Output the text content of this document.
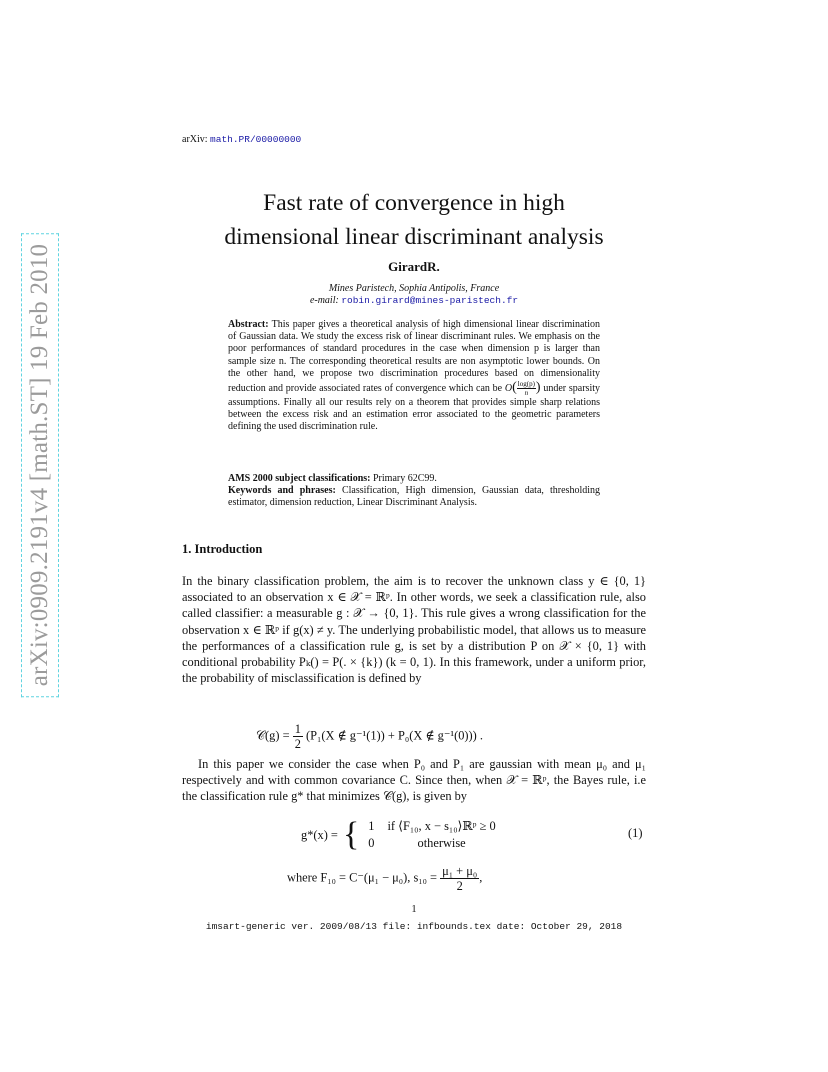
arXiv:0909.2191v4 [math.ST] 19 Feb 2010
arXiv: math.PR/00000000
Fast rate of convergence in high
dimensional linear discriminant analysis
GirardR.
Mines Paristech, Sophia Antipolis, France
e-mail: robin.girard@mines-paristech.fr
Abstract: This paper gives a theoretical analysis of high dimensional linear discrimination of Gaussian data. We study the excess risk of linear discriminant rules. We emphasis on the poor performances of standard procedures in the case when dimension p is larger than sample size n. The corresponding theoretical results are non asymptotic lower bounds. On the other hand, we propose two discrimination procedures based on dimensionality reduction and provide associated rates of convergence which can be $O( \frac{\log(p)}{n}$ ) under sparsity assumptions. Finally all our results rely on a theorem that provides simple sharp relations between the excess risk and an estimation error associated to the geometric parameters defining the used discrimination rule.
AMS 2000 subject classifications: Primary 62C99.
Keywords and phrases: Classification, High dimension, Gaussian data, thresholding estimator, dimension reduction, Linear Discriminant Analysis.
1. Introduction
In the binary classification problem, the aim is to recover the unknown class y ∈ {0, 1} associated to an observation x ∈ 𝒳 = ℝᵖ. In other words, we seek a classification rule, also called classifier: a measurable g : 𝒳 → {0, 1}. This rule gives a wrong classification for the observation x ∈ ℝᵖ if g(x) ≠ y. The underlying probabilistic model, that allows us to measure the performances of a classification rule g, is set by a distribution P on 𝒳 × {0, 1} with conditional probability Pₖ() = P(. × {k}) (k = 0, 1). In this framework, under a uniform prior, the probability of misclassification is defined by
𝒞(g) = $\frac{1}{2} (P_1(X$ ∉ g⁻¹(1)) + P₀(X ∉ g⁻¹(0))) .
In this paper we consider the case when P₀ and P₁ are gaussian with mean μ₀ and μ₁ respectively and with common covariance C. Since then, when 𝒳 = ℝᵖ, the Bayes rule, i.e the classification rule g* that minimizes 𝒞(g), is given by
g*(x) =	{	1	if ⟨F₁₀, x − s₁₀⟩ℝᵖ ≥ 0
		0	otherwise
(1)
where F₁₀ = C⁻(μ₁ − μ₀), $s_{10} = \frac{\text{μ₁ + μ₀}}{2}$ ,
1
imsart-generic ver. 2009/08/13 file: infbounds.tex date: October 29, 2018
